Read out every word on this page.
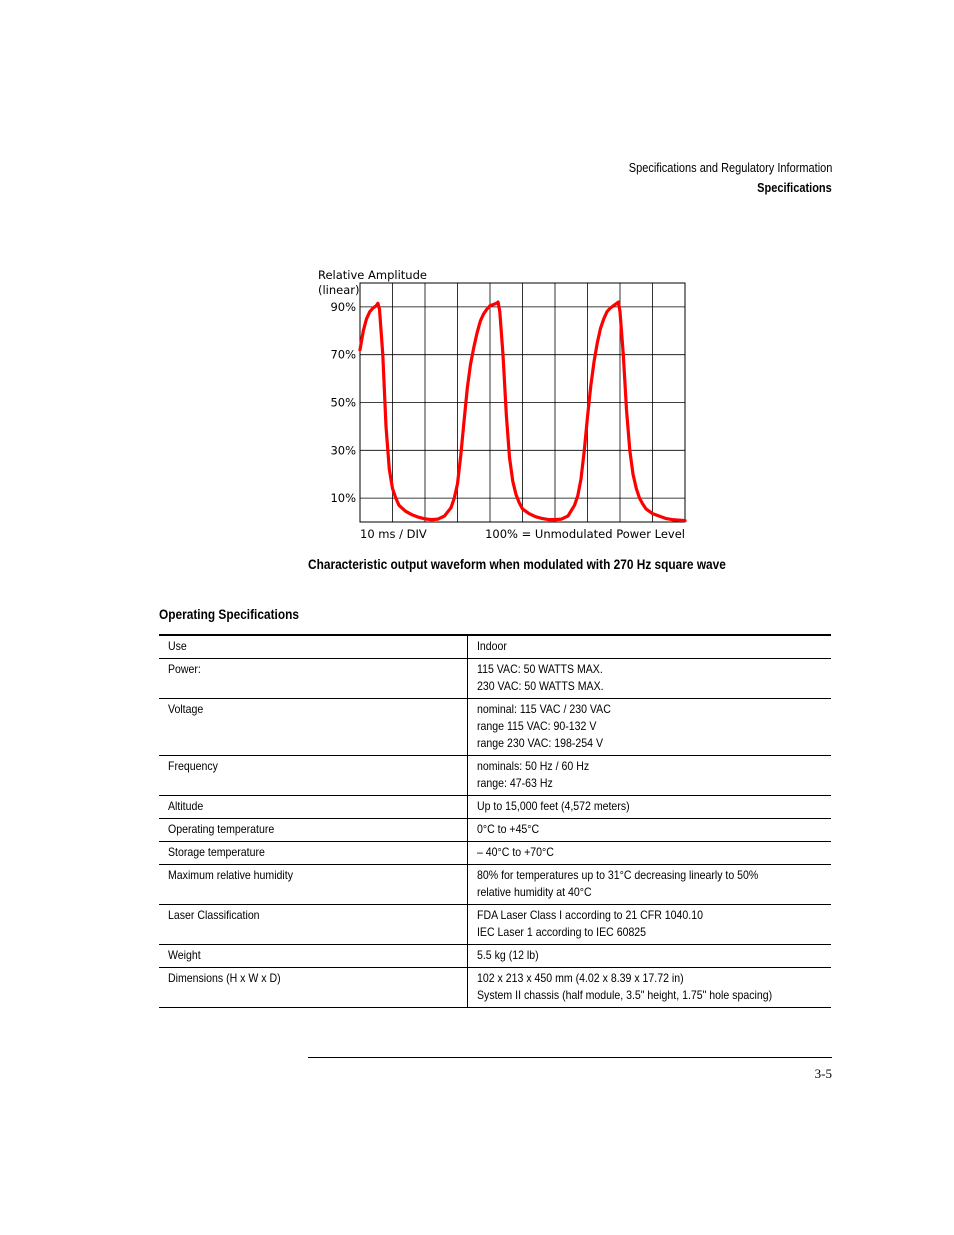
Specifications and Regulatory Information
Specifications
90%
70%
50%
30%
10%
Relative Amplitude
(linear)
10 ms / DIV	100% = Unmodulated Power Level
Characteristic output waveform when modulated with 270 Hz square wave
Operating Specifications
Use	Indoor

Power:	115 VAC: 50 WATTS MAX.
230 VAC: 50 WATTS MAX.

Voltage	nominal: 115 VAC / 230 VAC
range 115 VAC: 90-132 V
range 230 VAC: 198-254 V

Frequency	nominals: 50 Hz / 60 Hz
range: 47-63 Hz

Altitude	Up to 15,000 feet (4,572 meters)

Operating temperature	0°C to +45°C

Storage temperature	– 40°C to +70°C

Maximum relative humidity	80% for temperatures up to 31°C decreasing linearly to 50%
relative humidity at 40°C

Laser Classification	FDA Laser Class I according to 21 CFR 1040.10
IEC Laser 1 according to IEC 60825

Weight	5.5 kg (12 lb)

Dimensions (H x W x D)	102 x 213 x 450 mm (4.02 x 8.39 x 17.72 in)
System II chassis (half module, 3.5" height, 1.75" hole spacing)
3-5
